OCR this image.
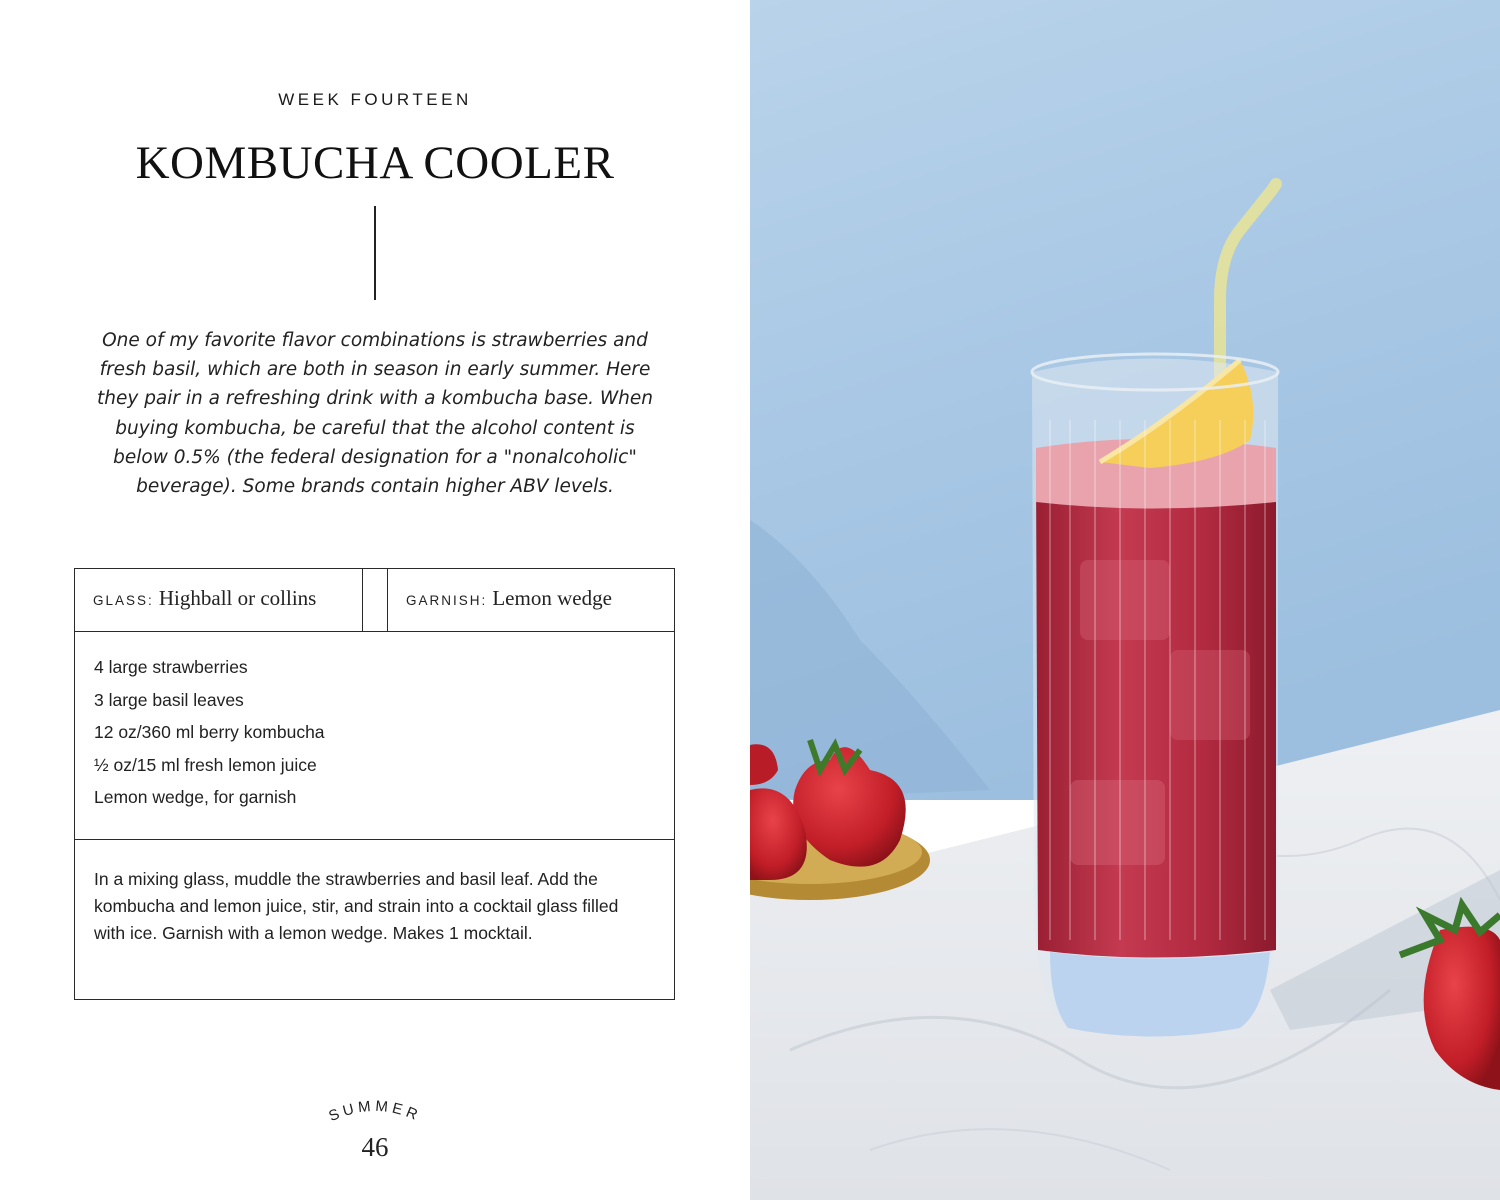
WEEK FOURTEEN
KOMBUCHA COOLER
One of my favorite flavor combinations is strawberries and fresh basil, which are both in season in early summer. Here they pair in a refreshing drink with a kombucha base. When buying kombucha, be careful that the alcohol content is below 0.5% (the federal designation for a "nonalcoholic" beverage). Some brands contain higher ABV levels.
GLASS: Highball or collins	GARNISH: Lemon wedge
4 large strawberries
3 large basil leaves
12 oz/360 ml berry kombucha
½ oz/15 ml fresh lemon juice
Lemon wedge, for garnish
In a mixing glass, muddle the strawberries and basil leaf. Add the kombucha and lemon juice, stir, and strain into a cocktail glass filled with ice. Garnish with a lemon wedge. Makes 1 mocktail.
SUMMER
46
